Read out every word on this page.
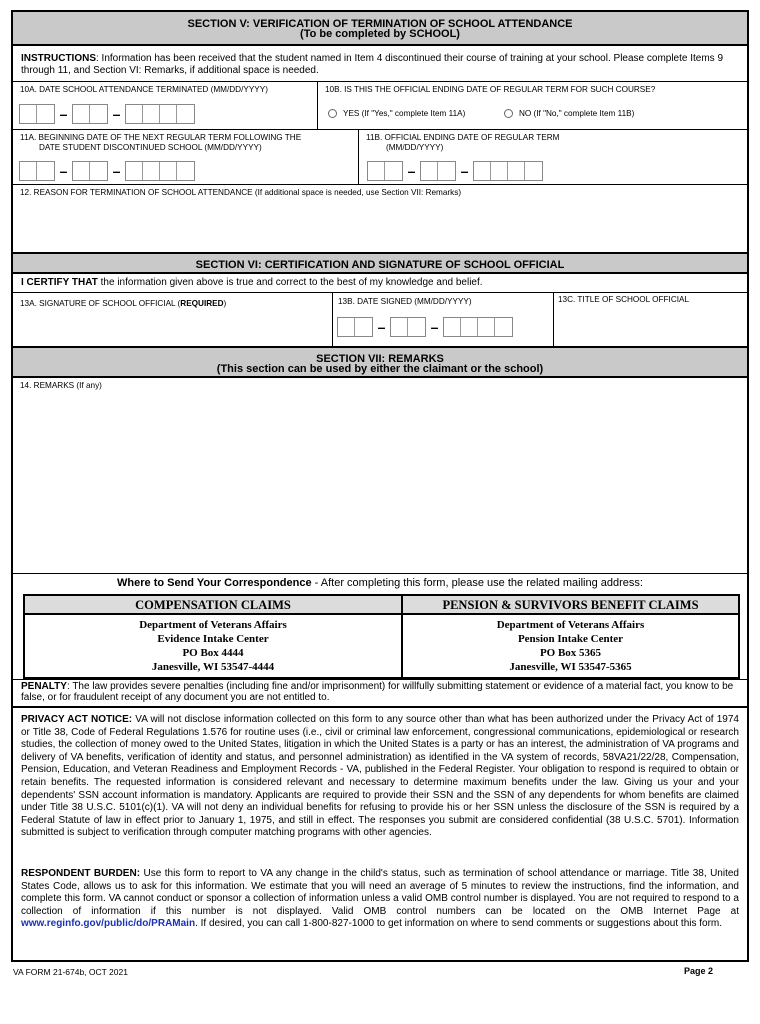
SECTION V: VERIFICATION OF TERMINATION OF SCHOOL ATTENDANCE
(To be completed by SCHOOL)
INSTRUCTIONS: Information has been received that the student named in Item 4 discontinued their course of training at your school. Please complete Items 9 through 11, and Section VI: Remarks, if additional space is needed.
10A. DATE SCHOOL ATTENDANCE TERMINATED (MM/DD/YYYY)
–	–
10B. IS THIS THE OFFICIAL ENDING DATE OF REGULAR TERM FOR SUCH COURSE?
YES (If "Yes," complete Item 11A)	NO (If "No," complete Item 11B)
11A. BEGINNING DATE OF THE NEXT REGULAR TERM FOLLOWING THE
DATE STUDENT DISCONTINUED SCHOOL (MM/DD/YYYY)
–	–
11B. OFFICIAL ENDING DATE OF REGULAR TERM
(MM/DD/YYYY)
–	–
12. REASON FOR TERMINATION OF SCHOOL ATTENDANCE (If additional space is needed, use Section VII: Remarks)
SECTION VI: CERTIFICATION AND SIGNATURE OF SCHOOL OFFICIAL
I CERTIFY THAT the information given above is true and correct to the best of my knowledge and belief.
13A. SIGNATURE OF SCHOOL OFFICIAL (REQUIRED)	13B. DATE SIGNED (MM/DD/YYYY)
–	–
13C. TITLE OF SCHOOL OFFICIAL
SECTION VII: REMARKS
(This section can be used by either the claimant or the school)
14. REMARKS (If any)
Where to Send Your Correspondence - After completing this form, please use the related mailing address:
COMPENSATION CLAIMS
Department of Veterans Affairs
Evidence Intake Center
PO Box 4444
Janesville, WI 53547-4444
PENSION & SURVIVORS BENEFIT CLAIMS
Department of Veterans Affairs
Pension Intake Center
PO Box 5365
Janesville, WI 53547-5365
PENALTY: The law provides severe penalties (including fine and/or imprisonment) for willfully submitting statement or evidence of a material fact, you know to be false, or for fraudulent receipt of any document you are not entitled to.
PRIVACY ACT NOTICE: VA will not disclose information collected on this form to any source other than what has been authorized under the Privacy Act of 1974 or Title 38, Code of Federal Regulations 1.576 for routine uses (i.e., civil or criminal law enforcement, congressional communications, epidemiological or research studies, the collection of money owed to the United States, litigation in which the United States is a party or has an interest, the administration of VA programs and delivery of VA benefits, verification of identity and status, and personnel administration) as identified in the VA system of records, 58VA21/22/28, Compensation, Pension, Education, and Veteran Readiness and Employment Records - VA, published in the Federal Register. Your obligation to respond is required to obtain or retain benefits. The requested information is considered relevant and necessary to determine maximum benefits under the law. Giving us your and your dependents' SSN account information is mandatory. Applicants are required to provide their SSN and the SSN of any dependents for whom benefits are claimed under Title 38 U.S.C. 5101(c)(1). VA will not deny an individual benefits for refusing to provide his or her SSN unless the disclosure of the SSN is required by a Federal Statute of law in effect prior to January 1, 1975, and still in effect. The responses you submit are considered confidential (38 U.S.C. 5701). Information submitted is subject to verification through computer matching programs with other agencies.
RESPONDENT BURDEN: Use this form to report to VA any change in the child's status, such as termination of school attendance or marriage. Title 38, United States Code, allows us to ask for this information. We estimate that you will need an average of 5 minutes to review the instructions, find the information, and complete this form. VA cannot conduct or sponsor a collection of information unless a valid OMB control number is displayed. You are not required to respond to a collection of information if this number is not displayed. Valid OMB control numbers can be located on the OMB Internet Page at www.reginfo.gov/public/do/PRAMain. If desired, you can call 1-800-827-1000 to get information on where to send comments or suggestions about this form.
VA FORM 21-674b, OCT 2021	Page 2
